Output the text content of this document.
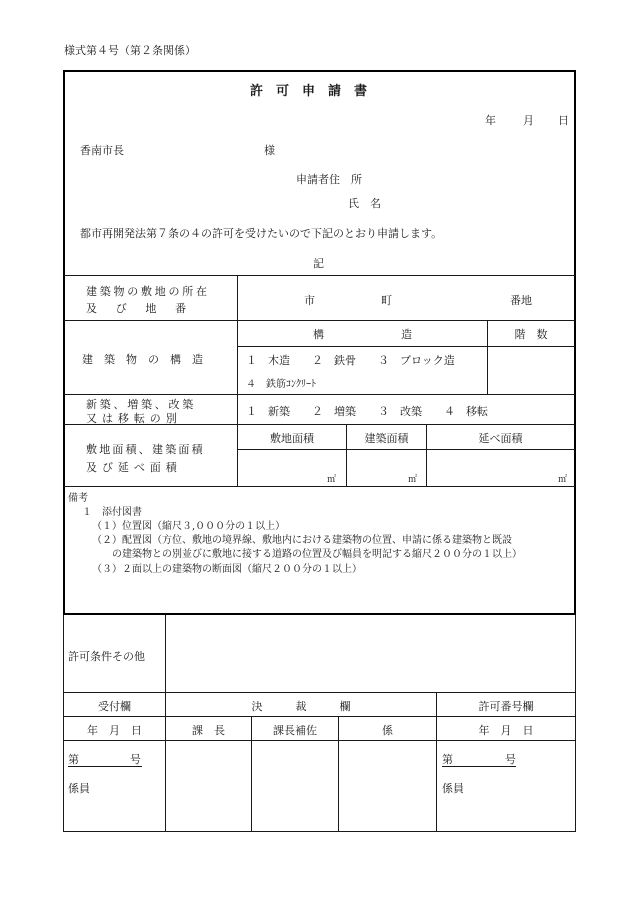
様式第４号（第２条関係）
許　可　申　請　書
年 月 日
香南市長	様
申請者住　所
氏　名
都市再開発法第７条の４の許可を受けたいので下記のとおり申請します。
記
建築物の敷地の所在
及　び　地　番
市	町	番地
建　築　物　の　構　造
構　　　　　　　造	階　数
１　木造　　２　鉄骨　　３　ブロック造
４　鉄筋ｺﾝｸﾘｰﾄ
新築、増築、改築
又は移転の別
１　新築　　２　増築　　３　改築　　４　移転
敷地面積、建築面積
及び延べ面積
敷地面積	建築面積	延べ面積
㎡	㎡	㎡
備考
１　添付図書
（１）位置図（縮尺３,０００分の１以上）
（２）配置図（方位、敷地の境界線、敷地内における建築物の位置、申請に係る建築物と既設
の建築物との別並びに敷地に接する道路の位置及び幅員を明記する縮尺２００分の１以上）
（３）２面以上の建築物の断面図（縮尺２００分の１以上）
許可条件その他
受付欄	決　　　裁　　　欄	許可番号欄
年　月　日	課　長	課長補佐	係	年　月　日
第	号
係員
第	号
係員
